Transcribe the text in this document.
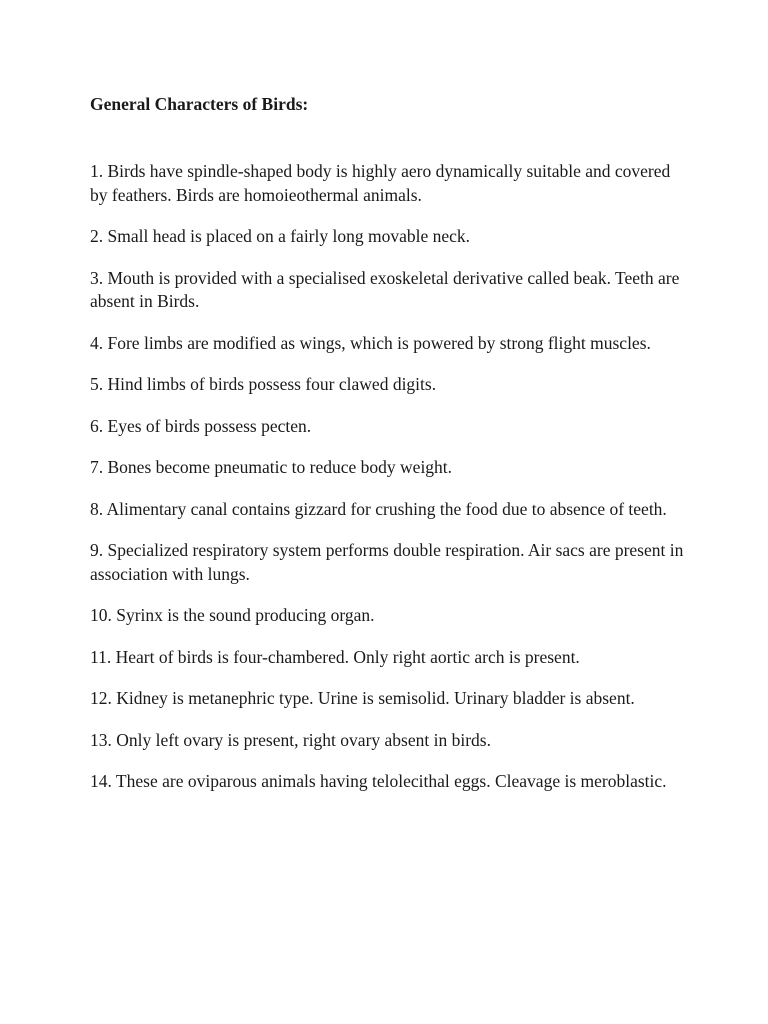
General Characters of Birds:
1. Birds have spindle-shaped body is highly aero dynamically suitable and covered by feathers. Birds are homoieothermal animals.
2. Small head is placed on a fairly long movable neck.
3. Mouth is provided with a specialised exoskeletal derivative called beak. Teeth are absent in Birds.
4. Fore limbs are modified as wings, which is powered by strong flight muscles.
5. Hind limbs of birds possess four clawed digits.
6. Eyes of birds possess pecten.
7. Bones become pneumatic to reduce body weight.
8. Alimentary canal contains gizzard for crushing the food due to absence of teeth.
9. Specialized respiratory system performs double respiration. Air sacs are present in association with lungs.
10. Syrinx is the sound producing organ.
11. Heart of birds is four-chambered. Only right aortic arch is present.
12. Kidney is metanephric type. Urine is semisolid. Urinary bladder is absent.
13. Only left ovary is present, right ovary absent in birds.
14. These are oviparous animals having telolecithal eggs. Cleavage is meroblastic.
